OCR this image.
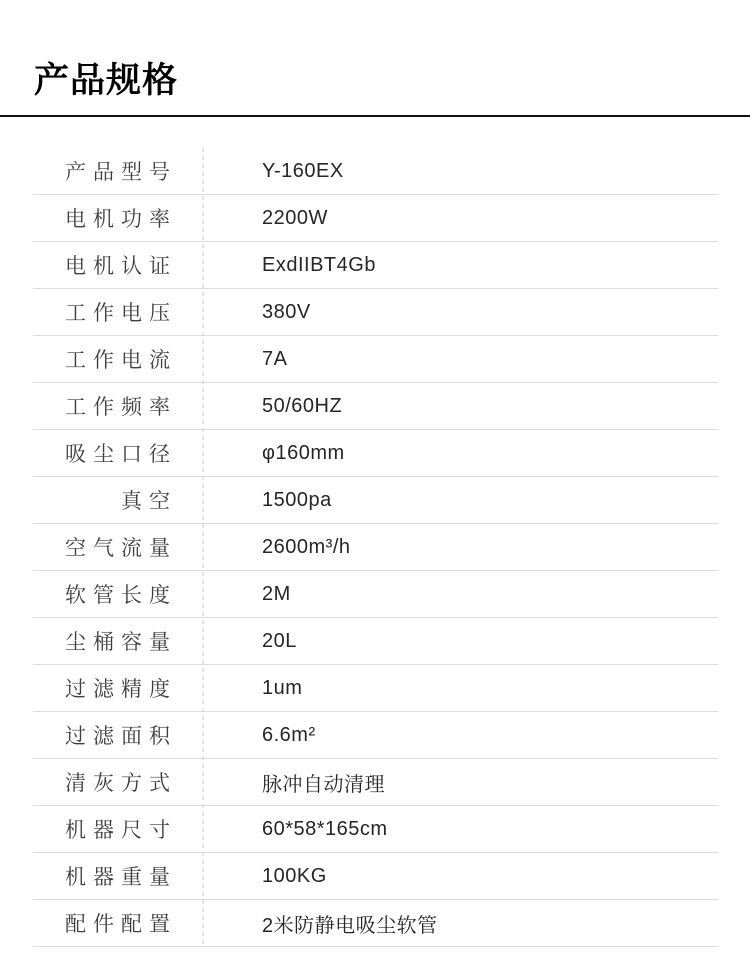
产品规格
产品型号	Y-160EX
电机功率	2200W
电机认证	ExdIIBT4Gb
工作电压	380V
工作电流	7A
工作频率	50/60HZ
吸尘口径	φ160mm
真空	1500pa
空气流量	2600m³/h
软管长度	2M
尘桶容量	20L
过滤精度	1um
过滤面积	6.6m²
清灰方式	脉冲自动清理
机器尺寸	60*58*165cm
机器重量	100KG
配件配置	2米防静电吸尘软管
